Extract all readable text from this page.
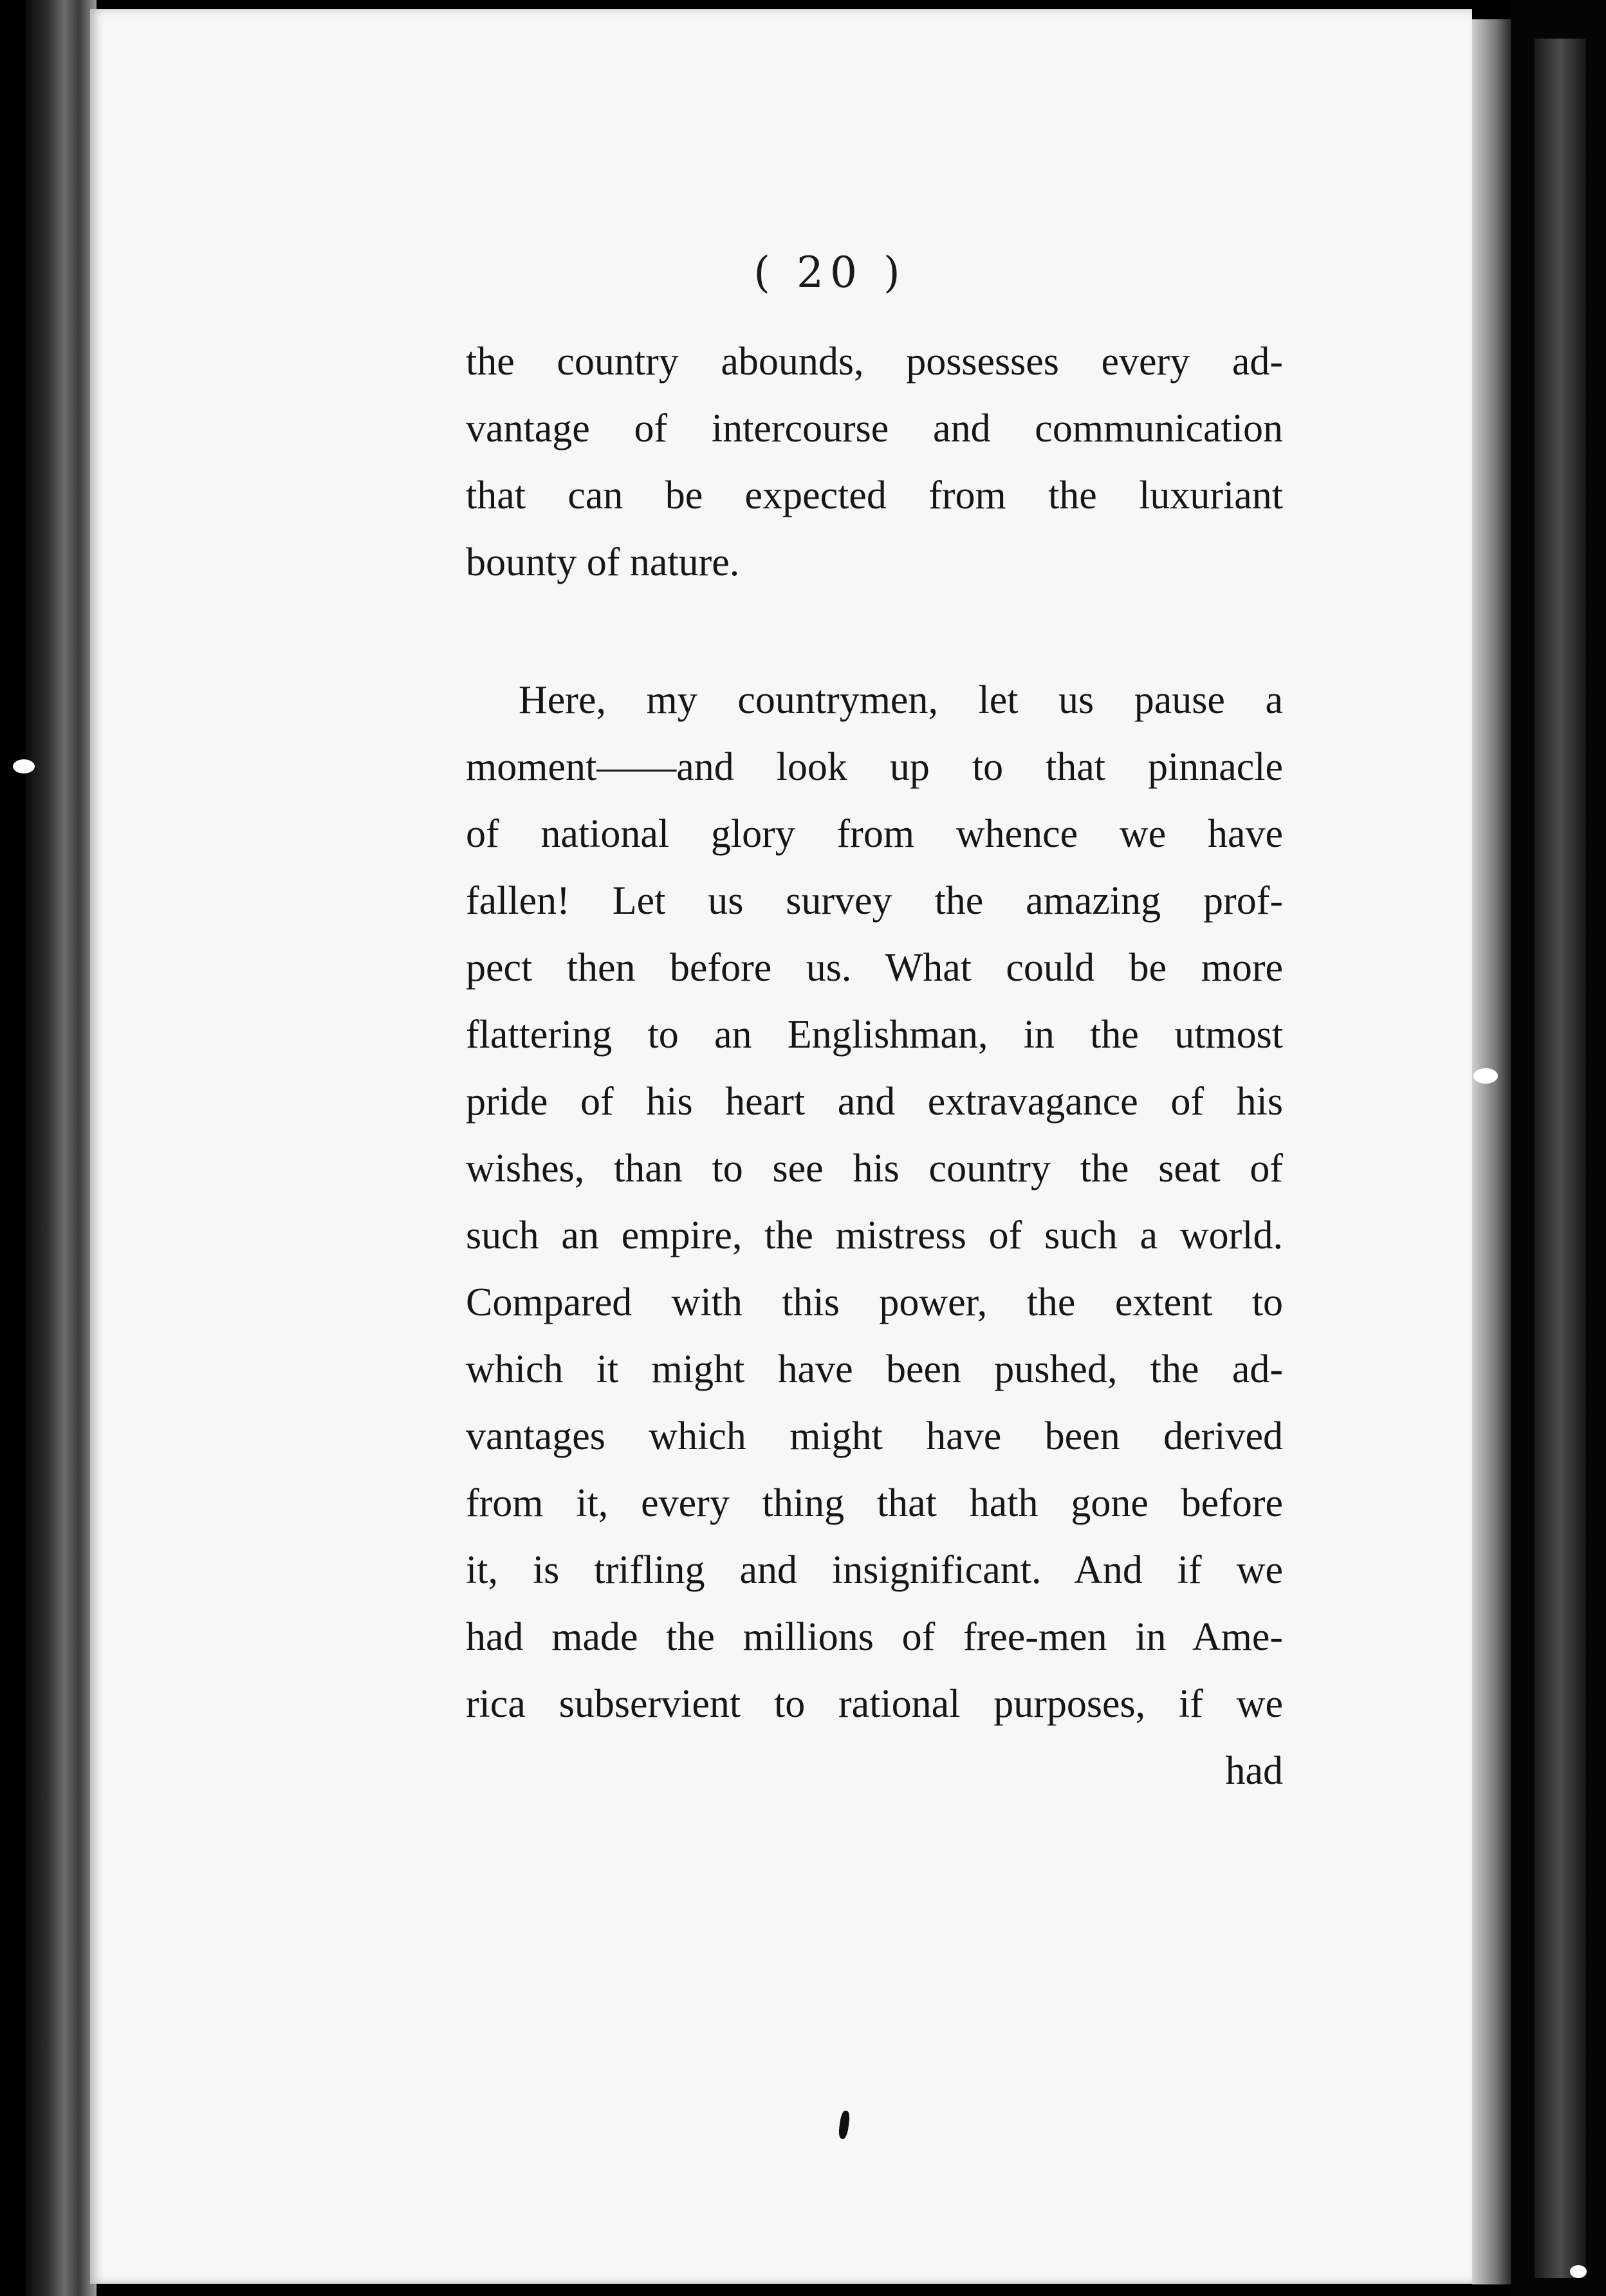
( 20 )
the country abounds, possesses every ad-
vantage of intercourse and communication
that can be expected from the luxuriant
bounty of nature.
Here, my countrymen, let us pause a
moment——and look up to that pinnacle
of national glory from whence we have
fallen! Let us survey the amazing prof-
pect then before us. What could be more
flattering to an Englishman, in the utmost
pride of his heart and extravagance of his
wishes, than to see his country the seat of
such an empire, the mistress of such a world.
Compared with this power, the extent to
which it might have been pushed, the ad-
vantages which might have been derived
from it, every thing that hath gone before
it, is trifling and insignificant. And if we
had made the millions of free-men in Ame-
rica subservient to rational purposes, if we
had
